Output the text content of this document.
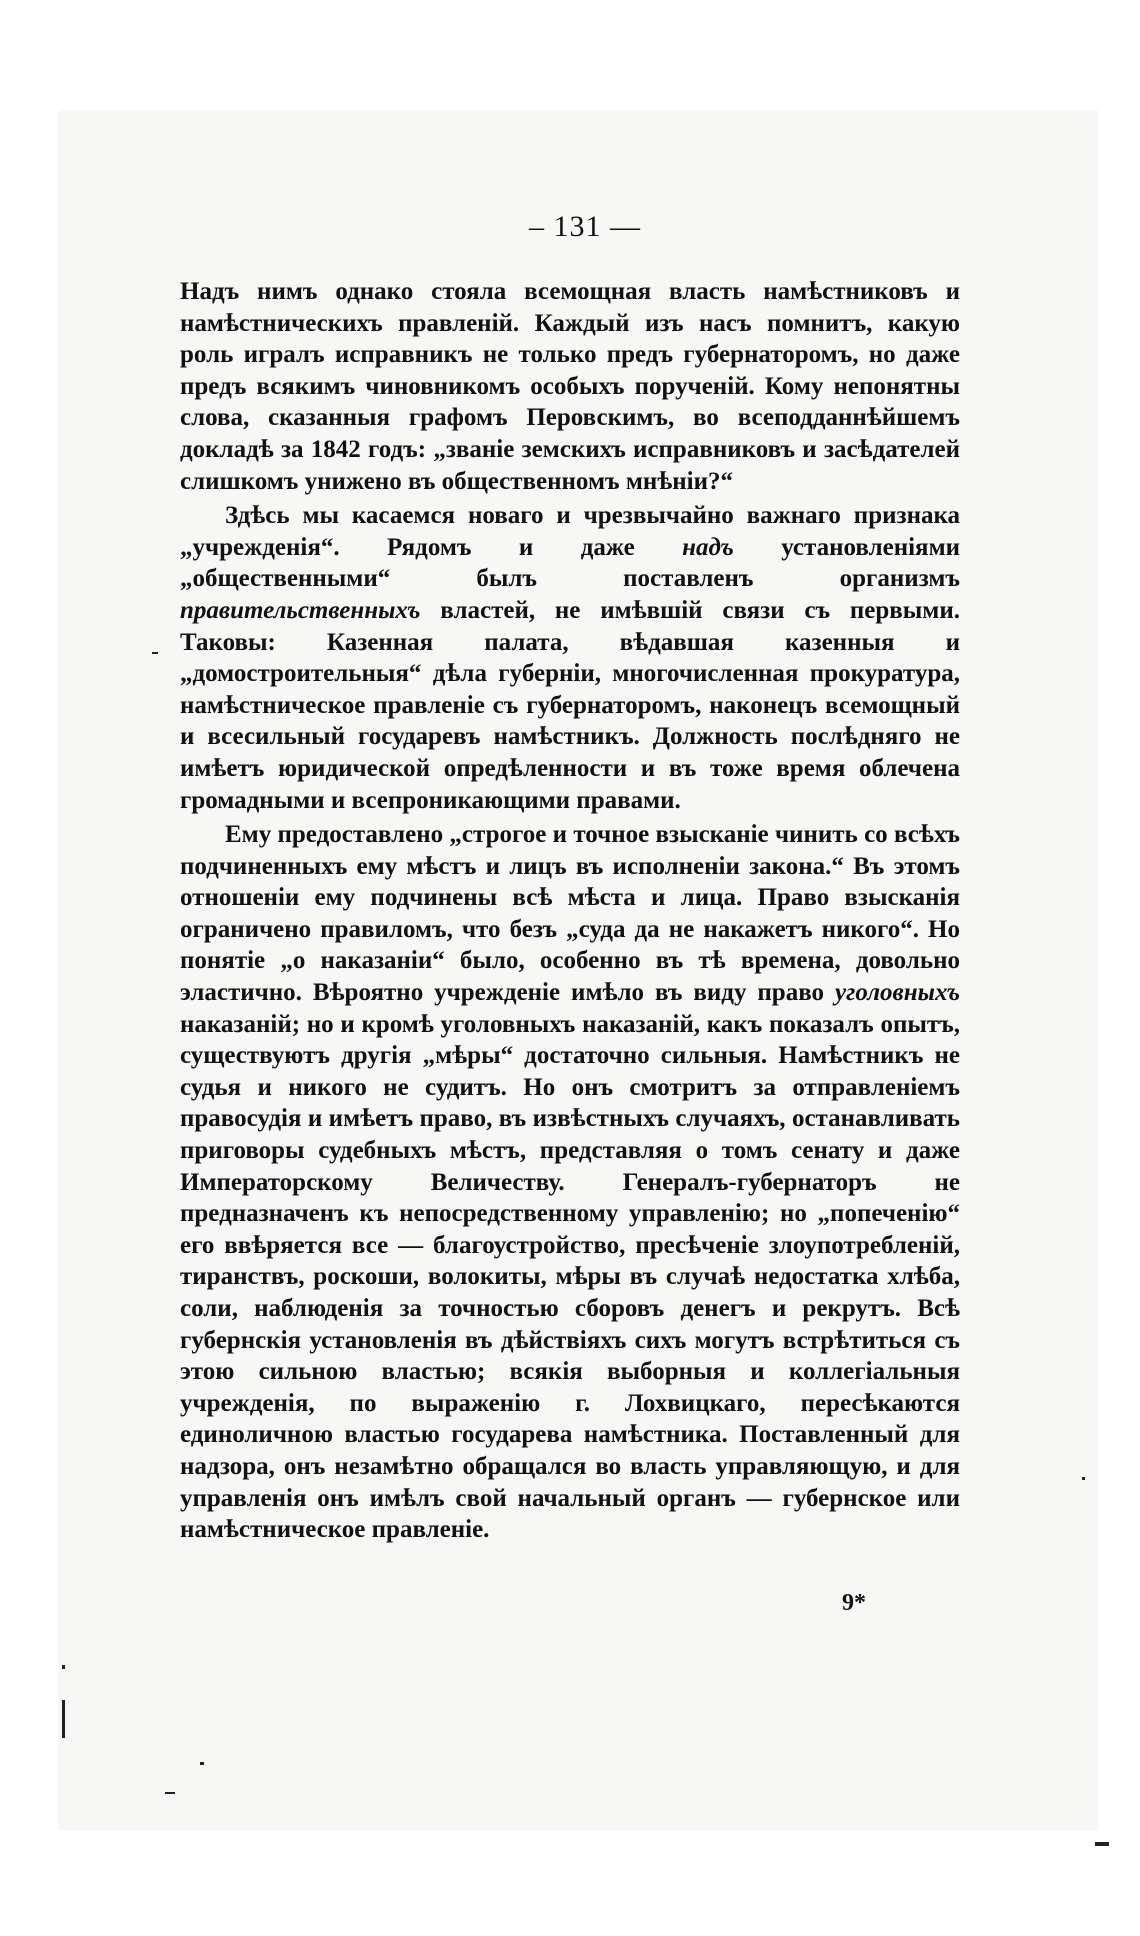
– 131 —

Надъ нимъ однако стояла всемощная власть намѣстниковъ и намѣстническихъ правленій. Каждый изъ насъ помнитъ, какую роль игралъ исправникъ не только предъ губернаторомъ, но даже предъ всякимъ чиновникомъ особыхъ порученій. Кому непонятны слова, сказанныя графомъ Перовскимъ, во всеподданнѣйшемъ докладѣ за 1842 годъ: „званіе земскихъ исправниковъ и засѣдателей слишкомъ унижено въ общественномъ мнѣніи?“

Здѣсь мы касаемся новаго и чрезвычайно важнаго признака „учрежденія“. Рядомъ и даже надъ установленіями „общественными“ былъ поставленъ организмъ правительственныхъ властей, не имѣвшій связи съ первыми. Таковы: Казенная палата, вѣдавшая казенныя и „домостроительныя“ дѣла губерніи, многочисленная прокуратура, намѣстническое правленіе съ губернаторомъ, наконецъ всемощный и всесильный государевъ намѣстникъ. Должность послѣдняго не имѣетъ юридической опредѣленности и въ тоже время облечена громадными и всепроникающими правами.

Ему предоставлено „строгое и точное взысканіе чинить со всѣхъ подчиненныхъ ему мѣстъ и лицъ въ исполненіи закона.“ Въ этомъ отношеніи ему подчинены всѣ мѣста и лица. Право взысканія ограничено правиломъ, что безъ „суда да не накажетъ никого“. Но понятіе „о наказаніи“ было, особенно въ тѣ времена, довольно эластично. Вѣроятно учрежденіе имѣло въ виду право уголовныхъ наказаній; но и кромѣ уголовныхъ наказаній, какъ показалъ опытъ, существуютъ другія „мѣры“ достаточно сильныя. Намѣстникъ не судья и никого не судитъ. Но онъ смотритъ за отправленіемъ правосудія и имѣетъ право, въ извѣстныхъ случаяхъ, останавливать приговоры судебныхъ мѣстъ, представляя о томъ сенату и даже Императорскому Величеству. Генералъ-губернаторъ не предназначенъ къ непосредственному управленію; но „попеченію“ его ввѣряется все — благоустройство, пресѣченіе злоупотребленій, тиранствъ, роскоши, волокиты, мѣры въ случаѣ недостатка хлѣба, соли, наблюденія за точностью сборовъ денегъ и рекрутъ. Всѣ губернскія установленія въ дѣйствіяхъ сихъ могутъ встрѣтиться съ этою сильною властью; всякія выборныя и коллегіальныя учрежденія, по выраженію г. Лохвицкаго, пересѣкаются единоличною властью государева намѣстника. Поставленный для надзора, онъ незамѣтно обращался во власть управляющую, и для управленія онъ имѣлъ свой начальный органъ — губернское или намѣстническое правленіе.

9*
